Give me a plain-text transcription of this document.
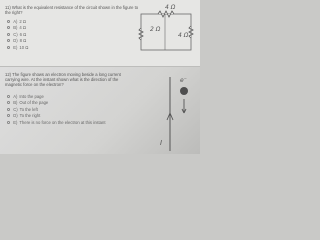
11) What is the equivalent resistance of the circuit shown in the figure to the right?
A) 2 Ω
B) 4 Ω
C) 6 Ω
D) 8 Ω
E) 10 Ω
4 Ω
2 Ω
4 Ω
12) The figure shows an electron moving beside a long current carrying wire. At the instant shown what is the direction of the magnetic force on the electron?
A) Into the page
B) Out of the page
C) To the left
D) To the right
E) There is no force on the electron at this instant
e⁻
I
